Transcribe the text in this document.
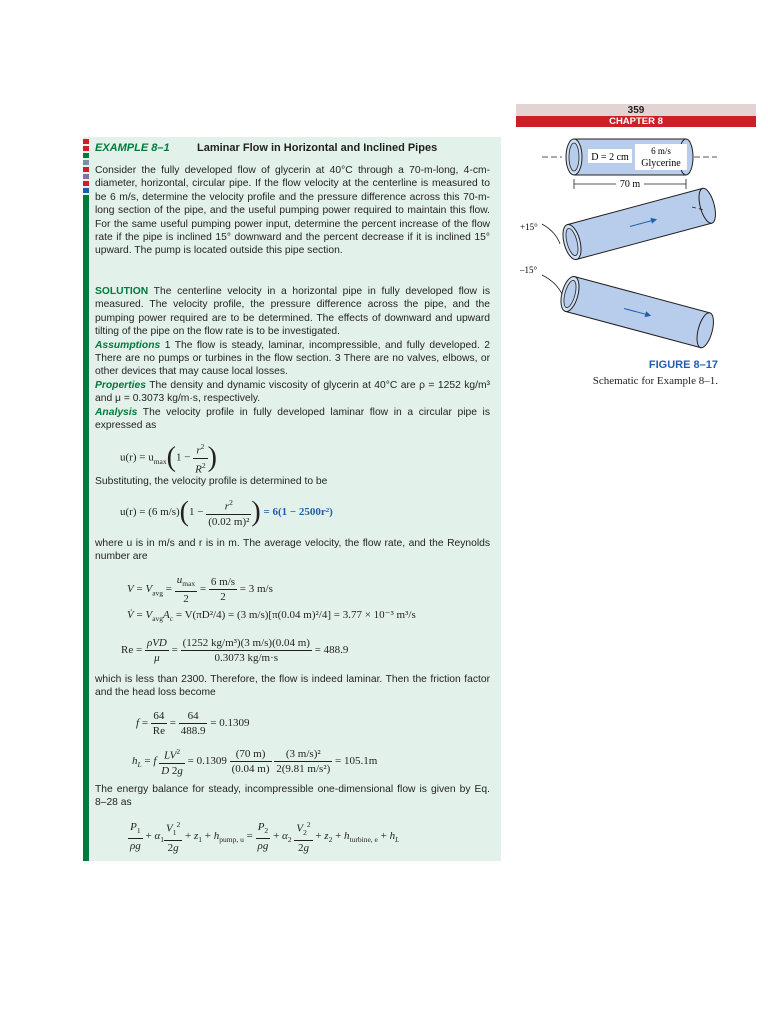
359
CHAPTER 8
EXAMPLE 8–1 Laminar Flow in Horizontal and Inclined Pipes

Consider the fully developed flow of glycerin at 40°C through a 70-m-long, 4-cm-diameter, horizontal, circular pipe. If the flow velocity at the centerline is measured to be 6 m/s, determine the velocity profile and the pressure difference across this 70-m-long section of the pipe, and the useful pumping power required to maintain this flow. For the same useful pumping power input, determine the percent increase of the flow rate if the pipe is inclined 15° downward and the percent decrease if it is inclined 15° upward. The pump is located outside this pipe section.

SOLUTION The centerline velocity in a horizontal pipe in fully developed flow is measured. The velocity profile, the pressure difference across the pipe, and the pumping power required are to be determined. The effects of downward and upward tilting of the pipe on the flow rate is to be investigated.
Assumptions 1 The flow is steady, laminar, incompressible, and fully developed. 2 There are no pumps or turbines in the flow section. 3 There are no valves, elbows, or other devices that may cause local losses.
Properties The density and dynamic viscosity of glycerin at 40°C are ρ = 1252 kg/m³ and μ = 0.3073 kg/m·s, respectively.
Analysis The velocity profile in fully developed laminar flow in a circular pipe is expressed as

$u(r) = u_{max}(1 - \frac{r^2}{R^2}$ )

Substituting, the velocity profile is determined to be

u(r) = (6 $m/s)(1 - \frac{r^2}{\text{(0.02 m)²}}$ ) = 6(1 − 2500r²)

where u is in m/s and r is in m. The average velocity, the flow rate, and the Reynolds number are

$V = V_{avg}$ =
$u_{max}$
2
= $\frac{6 m/s}{2} = 3$ m/s
V̇ = $V_{avg}A_c = V(\pi D^2/4) = (3$ m/s)[π(0.04 m)²/4] = 3.77 × 10⁻³ m³/s
Re =
ρVD
μ
= $\frac{\text{(1252 kg/m³)(3 m/s)(0.04 m)}}{0.3073 kg/m\cdot s} = 488.9$

which is less than 2300. Therefore, the flow is indeed laminar. Then the friction factor and the head loss become

$f = \frac{64}{Re} = \frac{64}{488.9} = 0.1309$
$h_L = f \frac{LV^2}{D 2g} = 0.1309 \frac{(70 m)}{(0.04 m)}$
$\frac{\text{(3 m/s)²}}{\text{2(9.81 m/s²)}} = 105.1m$

The energy balance for steady, incompressible one-dimensional flow is given by Eq. 8–28 as

$\frac{P_1}{\rho g} + \alpha_1 \frac{V_1^2}{2g} + z_1 + h_{pump, u} = \frac{P_2}{\rho g} + \alpha_2 \frac{V_2^2}{2g} + z_2 + h_{turbine, e} + h_L$
D = 2 cm
6 m/s
Glycerine
70 m
+15°
–15°
FIGURE 8–17
Schematic for Example 8–1.
